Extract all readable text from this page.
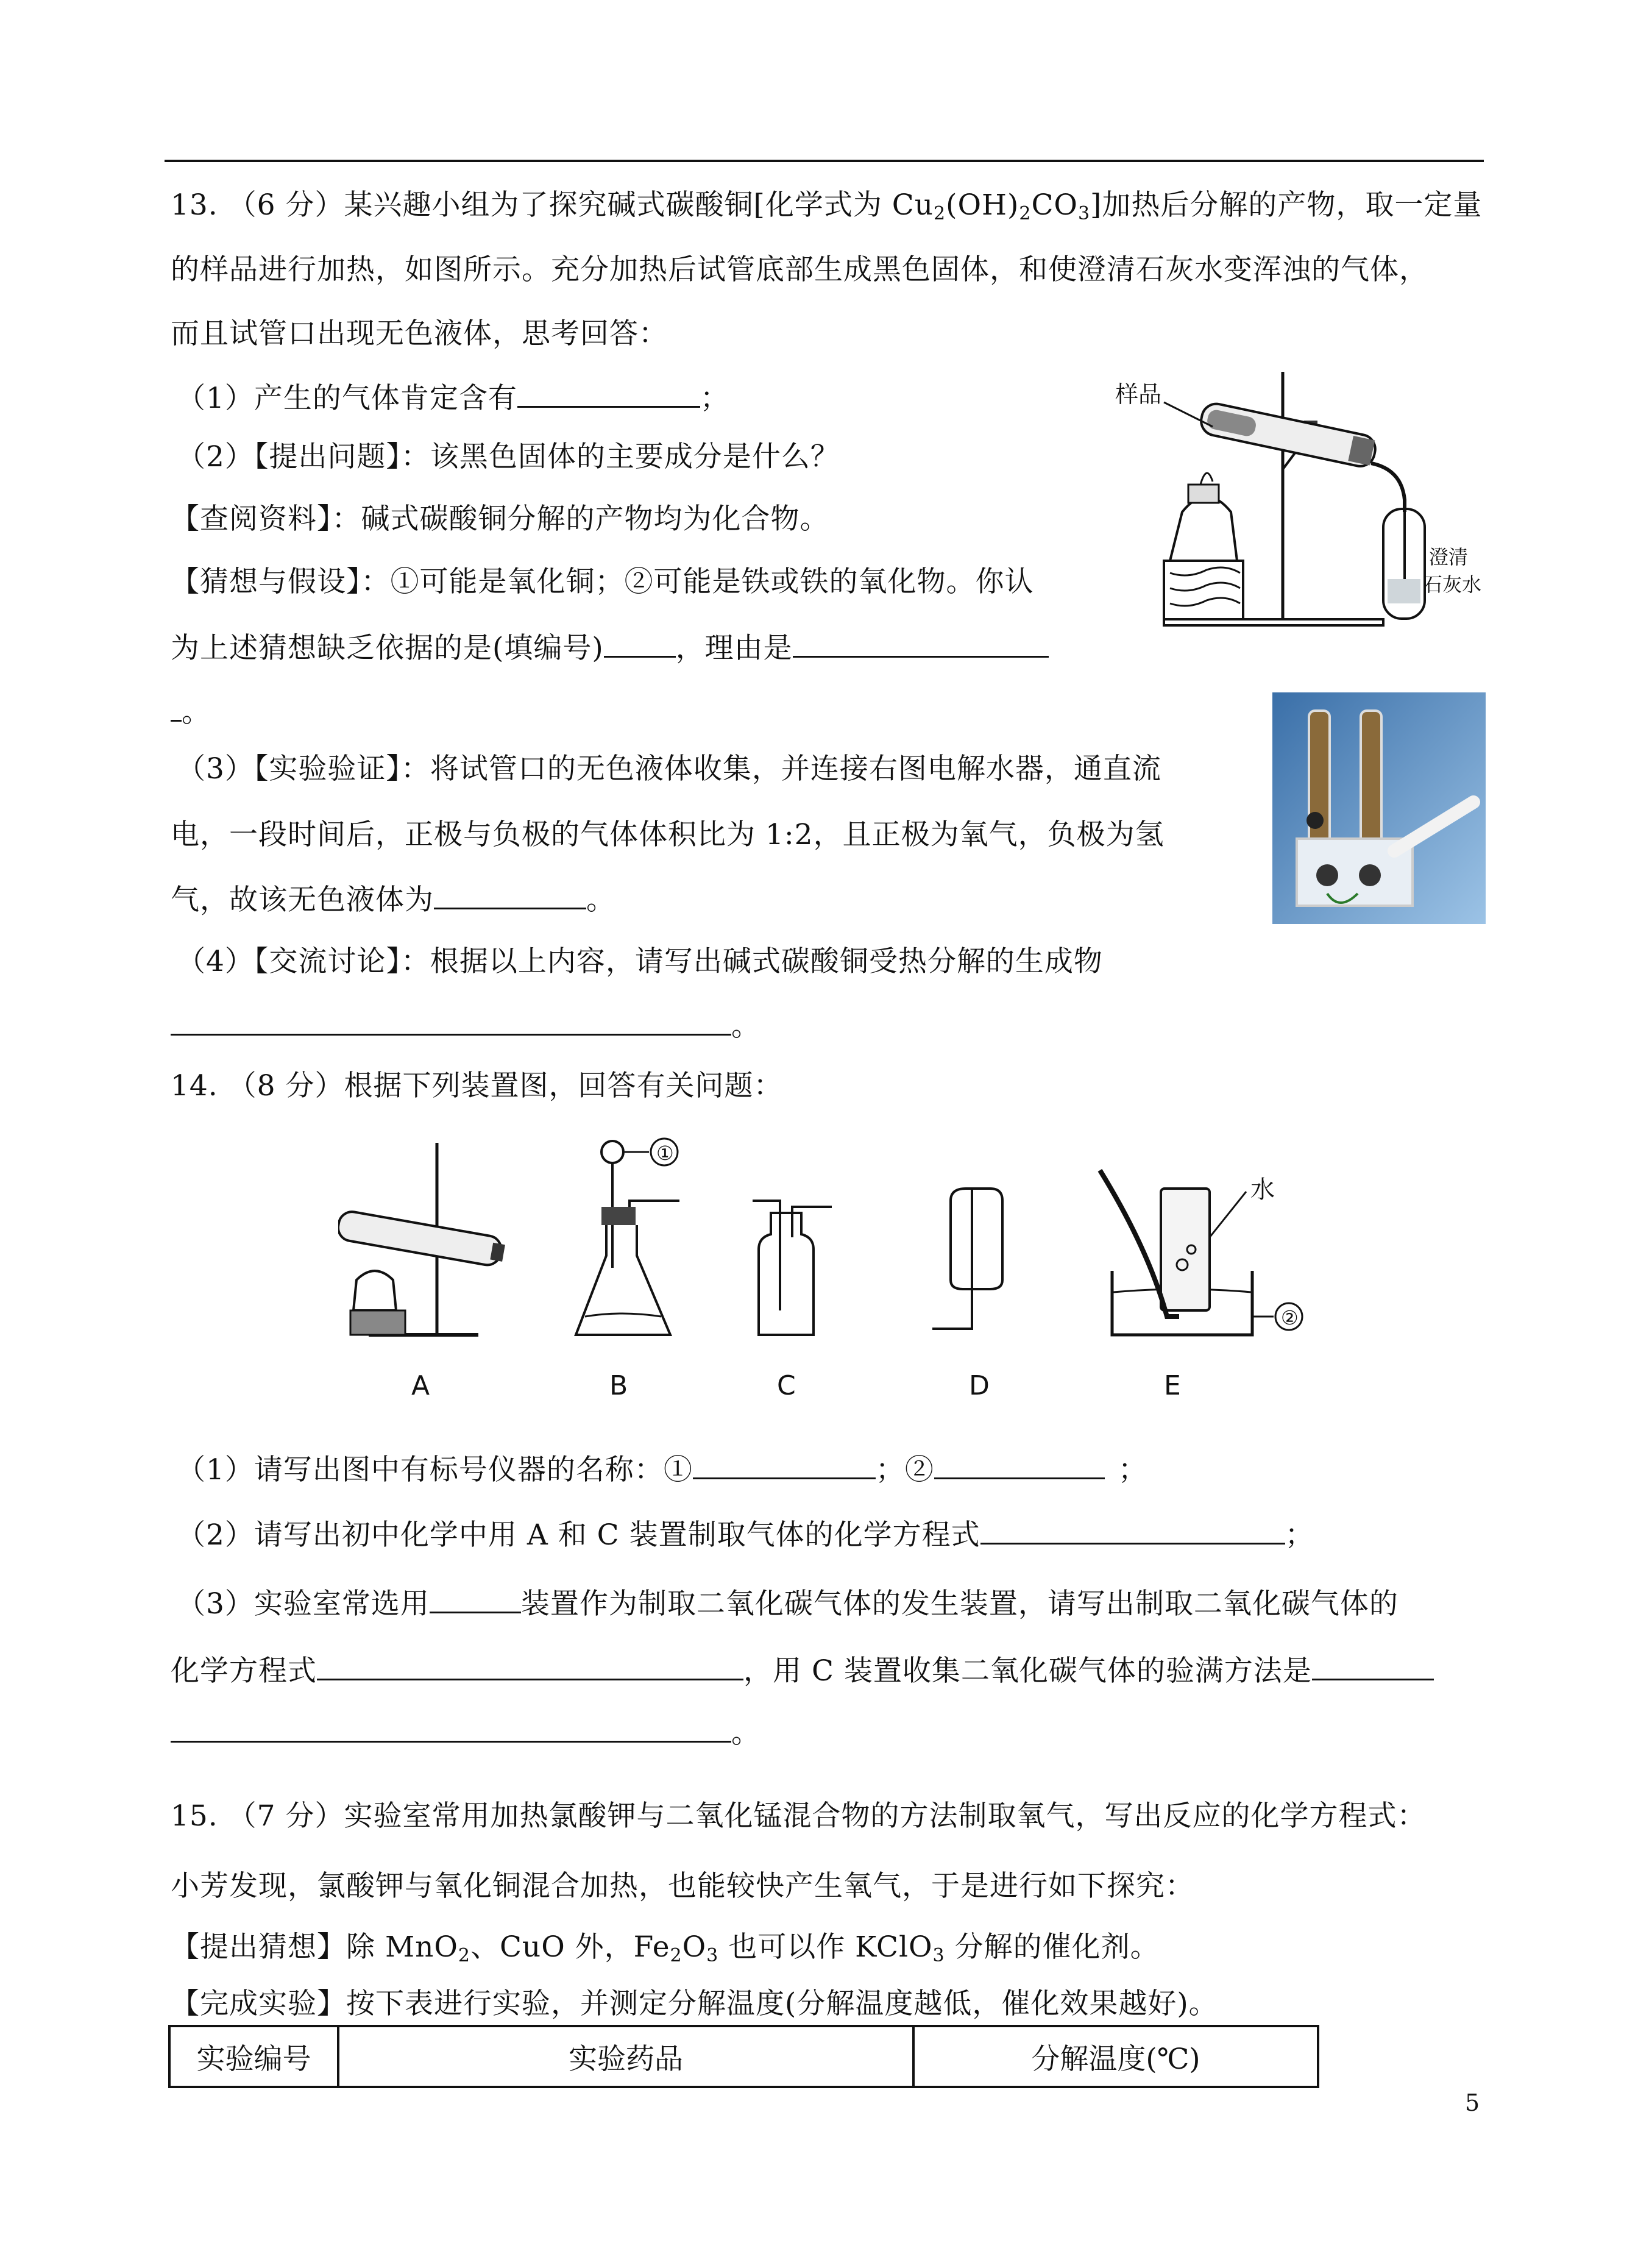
13. （6 分）某兴趣小组为了探究碱式碳酸铜[化学式为 $Cu_2(OH)_2CO_3$]加热后分解的产物，取一定量
的样品进行加热，如图所示。充分加热后试管底部生成黑色固体，和使澄清石灰水变浑浊的气体，
而且试管口出现无色液体，思考回答：
（1）产生的气体肯定含有	；
（2）【提出问题】：该黑色固体的主要成分是什么？
【查阅资料】：碱式碳酸铜分解的产物均为化合物。
【猜想与假设】：①可能是氧化铜；②可能是铁或铁的氧化物。你认
为上述猜想缺乏依据的是(填编号)	，理由是
。
（3）【实验验证】：将试管口的无色液体收集，并连接右图电解水器，通直流
电，一段时间后，正极与负极的气体体积比为 1:2，且正极为氧气，负极为氢
气，故该无色液体为	。
（4）【交流讨论】：根据以上内容，请写出碱式碳酸铜受热分解的生成物
。
样品
澄清
石灰水
14. （8 分）根据下列装置图，回答有关问题：
A
①
B	C	D
水
②
E
（1）请写出图中有标号仪器的名称：①	；②	；
（2）请写出初中化学中用 A 和 C 装置制取气体的化学方程式	；
（3）实验室常选用	装置作为制取二氧化碳气体的发生装置，请写出制取二氧化碳气体的
化学方程式	，用 C 装置收集二氧化碳气体的验满方法是
。
15. （7 分）实验室常用加热氯酸钾与二氧化锰混合物的方法制取氧气，写出反应的化学方程式：
小芳发现，氯酸钾与氧化铜混合加热，也能较快产生氧气，于是进行如下探究：
【提出猜想】除 MnO$_2$、CuO 外，$Fe_2O_3$ 也可以作 KClO$_3$ 分解的催化剂。
【完成实验】按下表进行实验，并测定分解温度(分解温度越低，催化效果越好)。
实验编号	实验药品	分解温度(℃)
5
